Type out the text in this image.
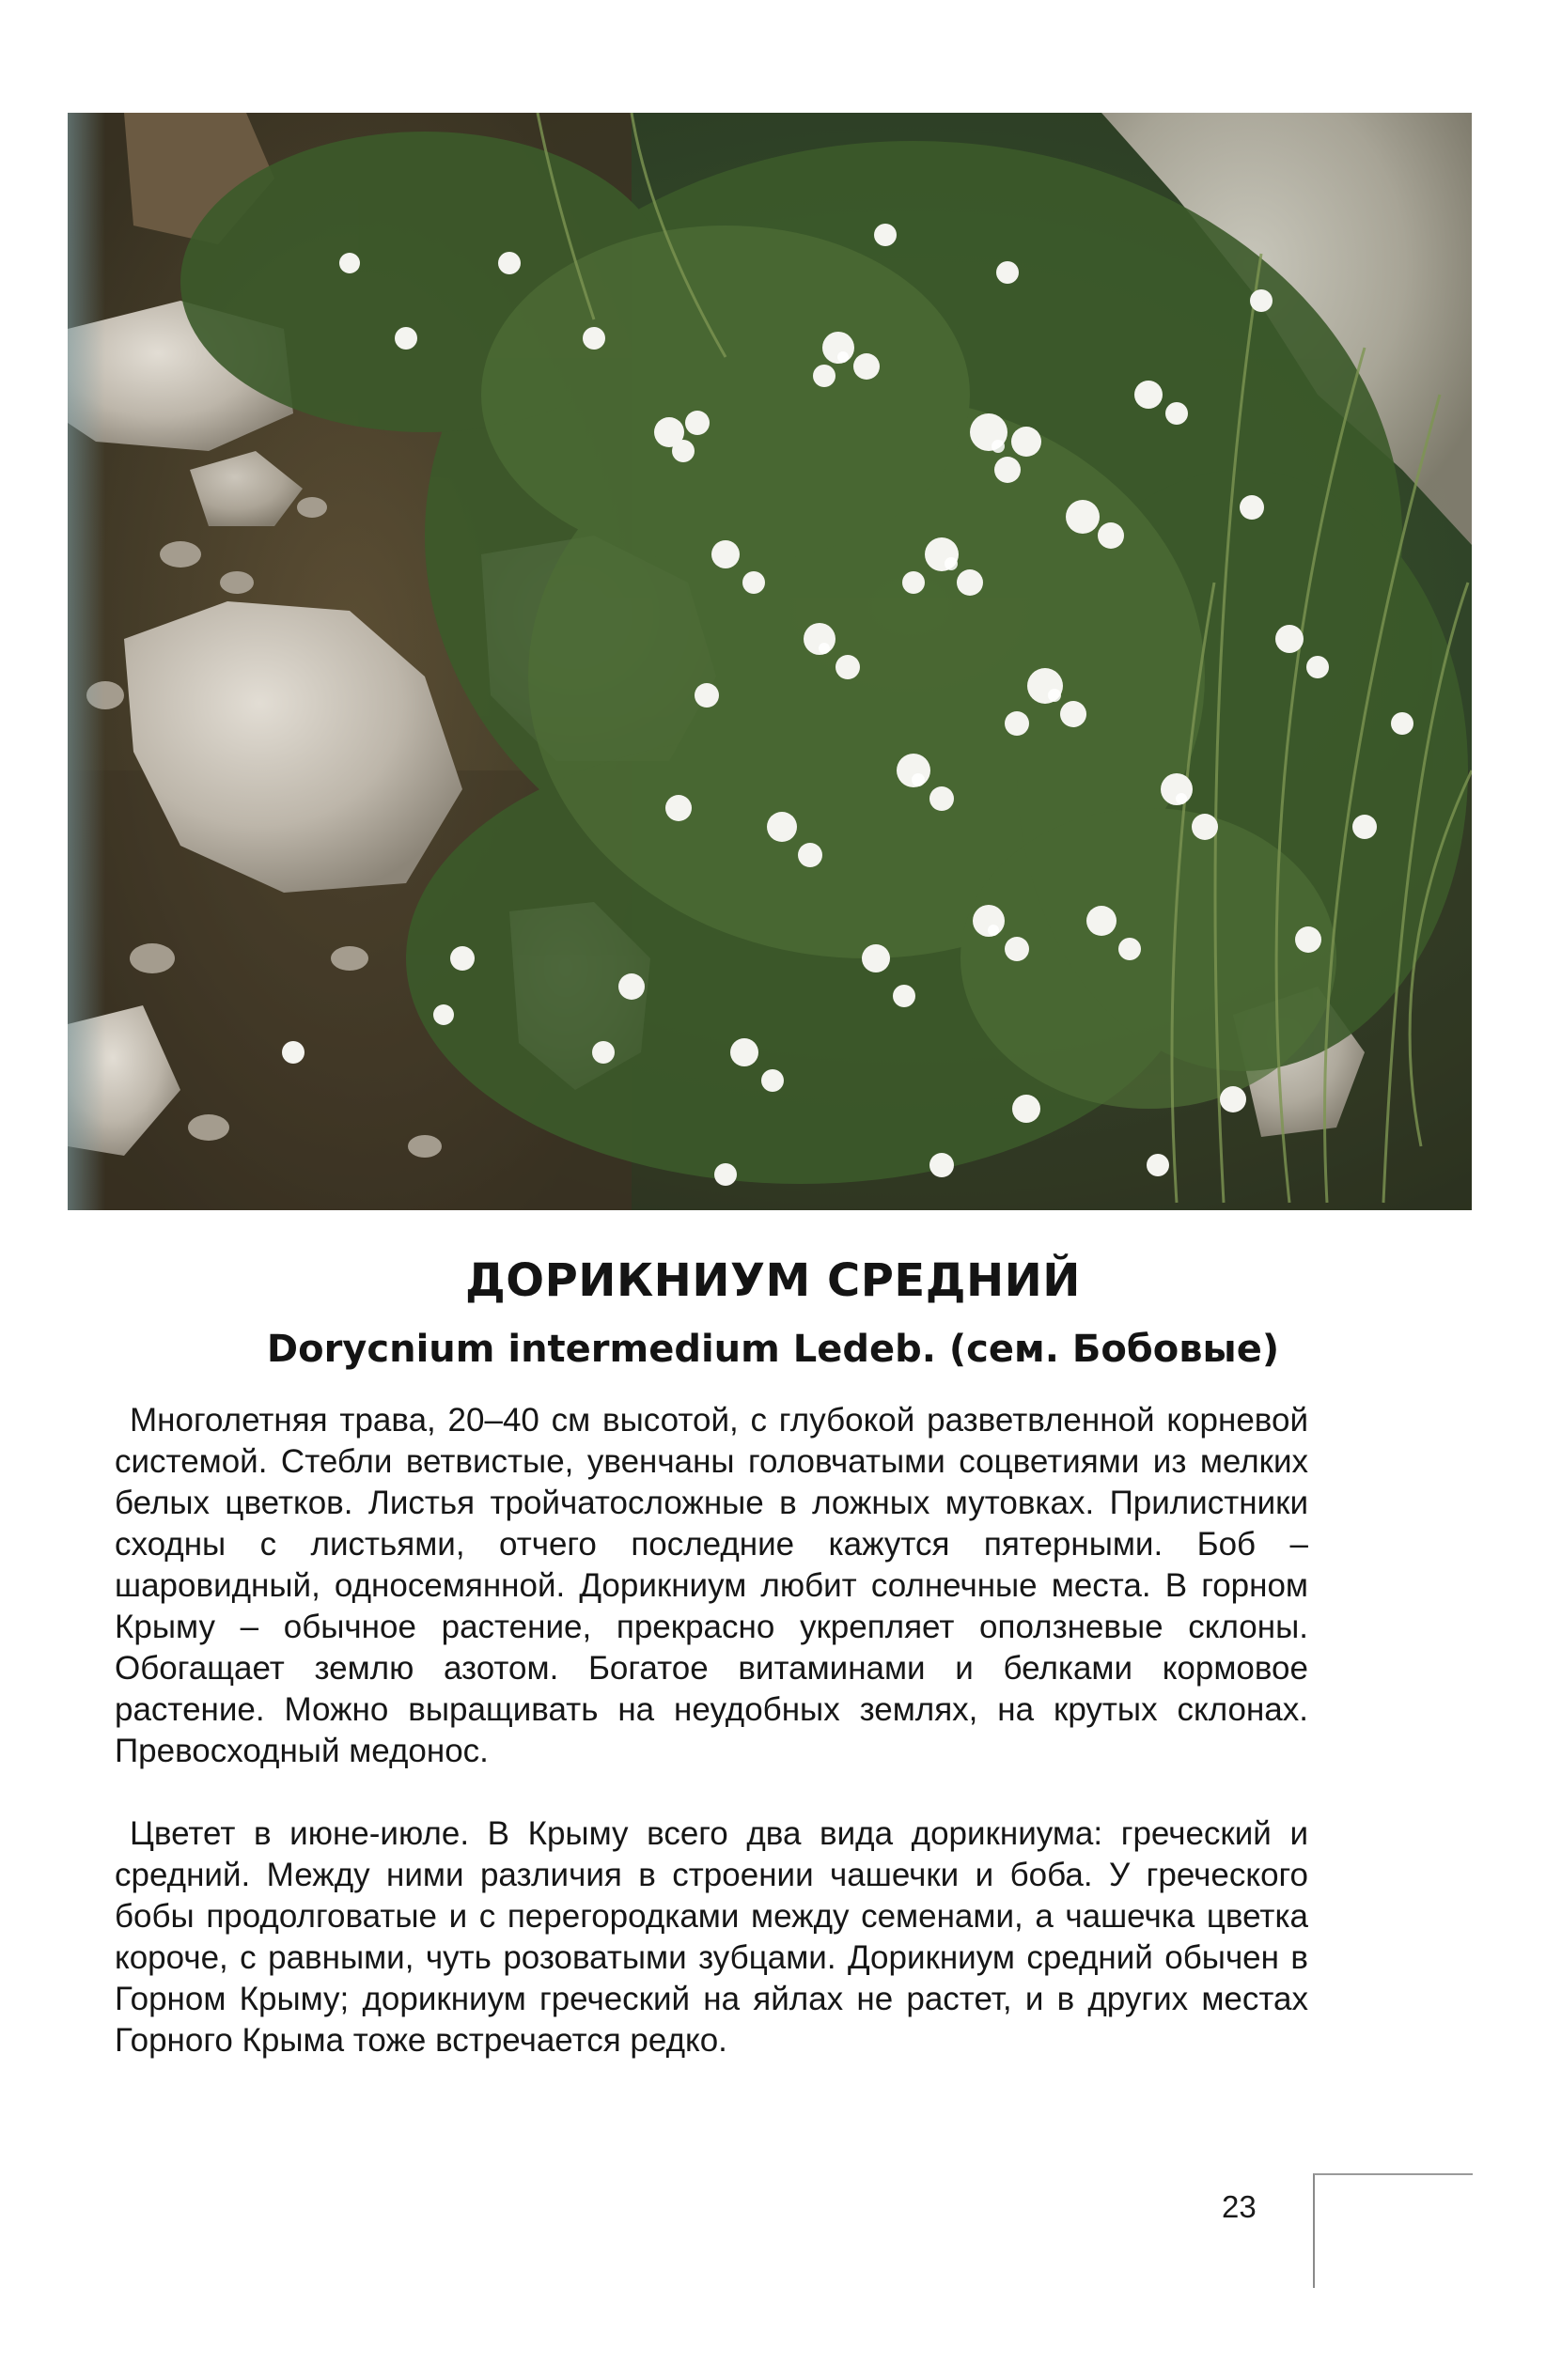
ДОРИКНИУМ СРЕДНИЙ
Dorycnium intermedium Ledeb. (сем. Бобовые)

Многолетняя трава, 20–40 см высотой, с глубокой разветвленной корневой системой. Стебли ветвистые, увенчаны головчатыми соцветиями из мелких белых цветков. Листья тройчатосложные в ложных мутовках. Прилистники сходны с листьями, отчего последние кажутся пятерными. Боб – шаровидный, односемянной. Дорикниум любит солнечные места. В горном Крыму – обычное растение, прекрасно укрепляет оползневые склоны. Обогащает землю азотом. Богатое витаминами и белками кормовое растение. Можно выращивать на неудобных землях, на крутых склонах. Превосходный медонос.

Цветет в июне-июле. В Крыму всего два вида дорикниума: греческий и средний. Между ними различия в строении чашечки и боба. У греческого бобы продолговатые и с перегородками между семенами, а чашечка цветка короче, с равными, чуть розоватыми зубцами. Дорикниум средний обычен в Горном Крыму; дорикниум греческий на яйлах не растет, и в других местах Горного Крыма тоже встречается редко.

23
